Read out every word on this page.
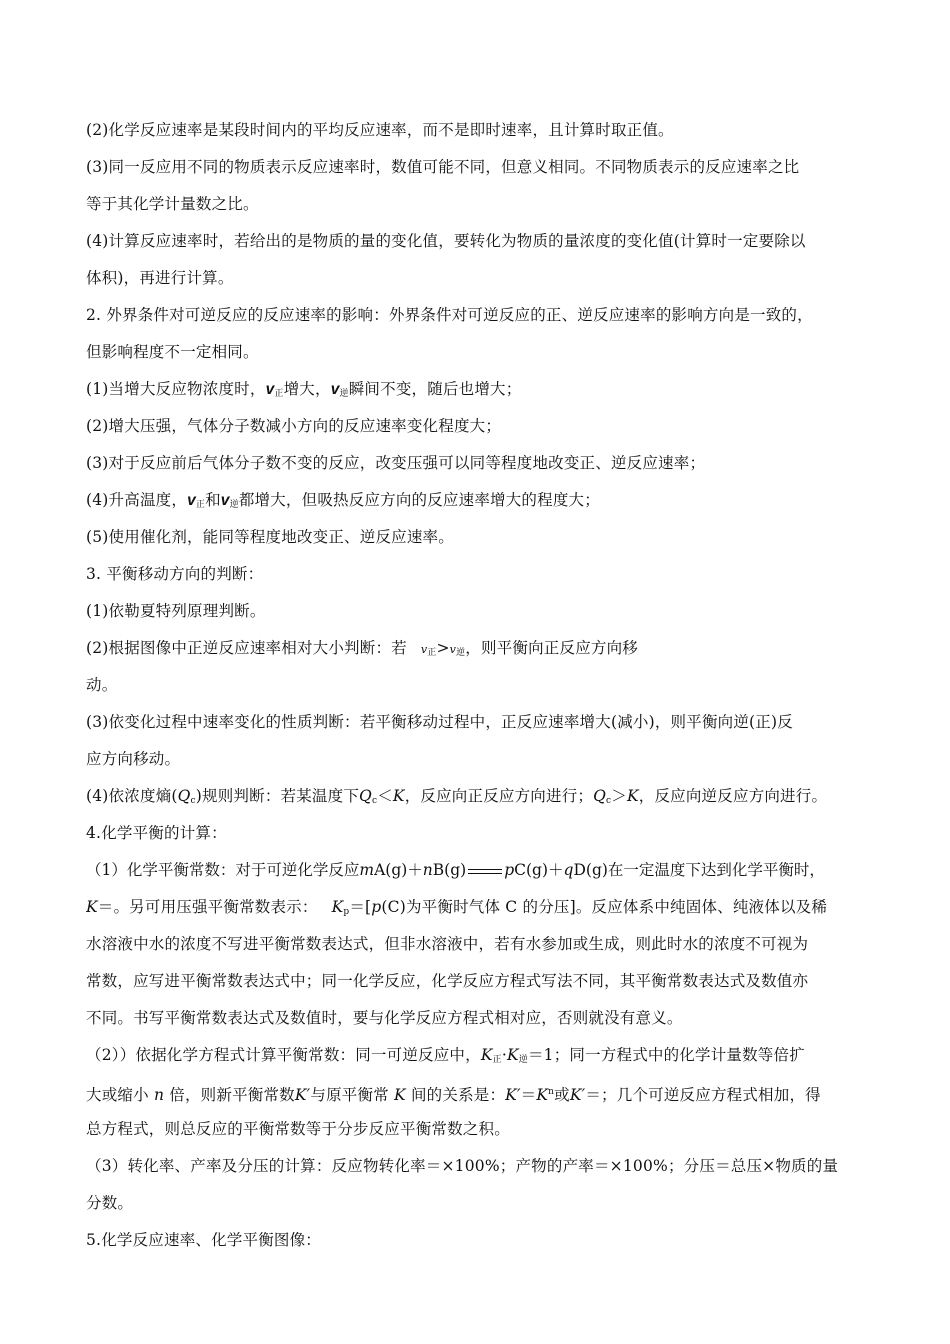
(2)化学反应速率是某段时间内的平均反应速率，而不是即时速率，且计算时取正值。
(3)同一反应用不同的物质表示反应速率时，数值可能不同，但意义相同。不同物质表示的反应速率之比
等于其化学计量数之比。
(4)计算反应速率时，若给出的是物质的量的变化值，要转化为物质的量浓度的变化值(计算时一定要除以
体积)，再进行计算。
2. 外界条件对可逆反应的反应速率的影响：外界条件对可逆反应的正、逆反应速率的影响方向是一致的，
但影响程度不一定相同。
(1)当增大反应物浓度时，$v_正$增大，$v_逆$瞬间不变，随后也增大；
(2)增大压强，气体分子数减小方向的反应速率变化程度大；
(3)对于反应前后气体分子数不变的反应，改变压强可以同等程度地改变正、逆反应速率；
(4)升高温度，$v_正$和$v_逆$都增大，但吸热反应方向的反应速率增大的程度大；
(5)使用催化剂，能同等程度地改变正、逆反应速率。
3. 平衡移动方向的判断：
(1)依勒夏特列原理判断。
(2)根据图像中正逆反应速率相对大小判断：若 $v_正>v_逆$，则平衡向正反应方向移
动。
(3)依变化过程中速率变化的性质判断：若平衡移动过程中，正反应速率增大(减小)，则平衡向逆(正)反
应方向移动。
(4)依浓度熵$(Q_c)$规则判断：若某温度下$Q_c<K$，反应向正反应方向进行；$Q_c>K$，反应向逆反应方向进行。
4.化学平衡的计算：
（1）化学平衡常数：对于可逆化学反应mA(g)＋nB(g) pC(g)＋qD(g)在一定温度下达到化学平衡时，
K＝。另可用压强平衡常数表示： $K_p=[p(C)$为平衡时气体 C 的分压]。反应体系中纯固体、纯液体以及稀
水溶液中水的浓度不写进平衡常数表达式，但非水溶液中，若有水参加或生成，则此时水的浓度不可视为
常数，应写进平衡常数表达式中；同一化学反应，化学反应方程式写法不同，其平衡常数表达式及数值亦
不同。书写平衡常数表达式及数值时，要与化学反应方程式相对应，否则就没有意义。
（2））依据化学方程式计算平衡常数：同一可逆反应中，$K_正\cdot K_逆=1$；同一方程式中的化学计量数等倍扩
大或缩小 n 倍，则新平衡常数K′与原平衡常 K 间的关系是：$K'=K^n$或K′＝；几个可逆反应方程式相加，得
总方程式，则总反应的平衡常数等于分步反应平衡常数之积。
（3）转化率、产率及分压的计算：反应物转化率＝×100%；产物的产率＝×100%；分压＝总压×物质的量
分数。
5.化学反应速率、化学平衡图像：
